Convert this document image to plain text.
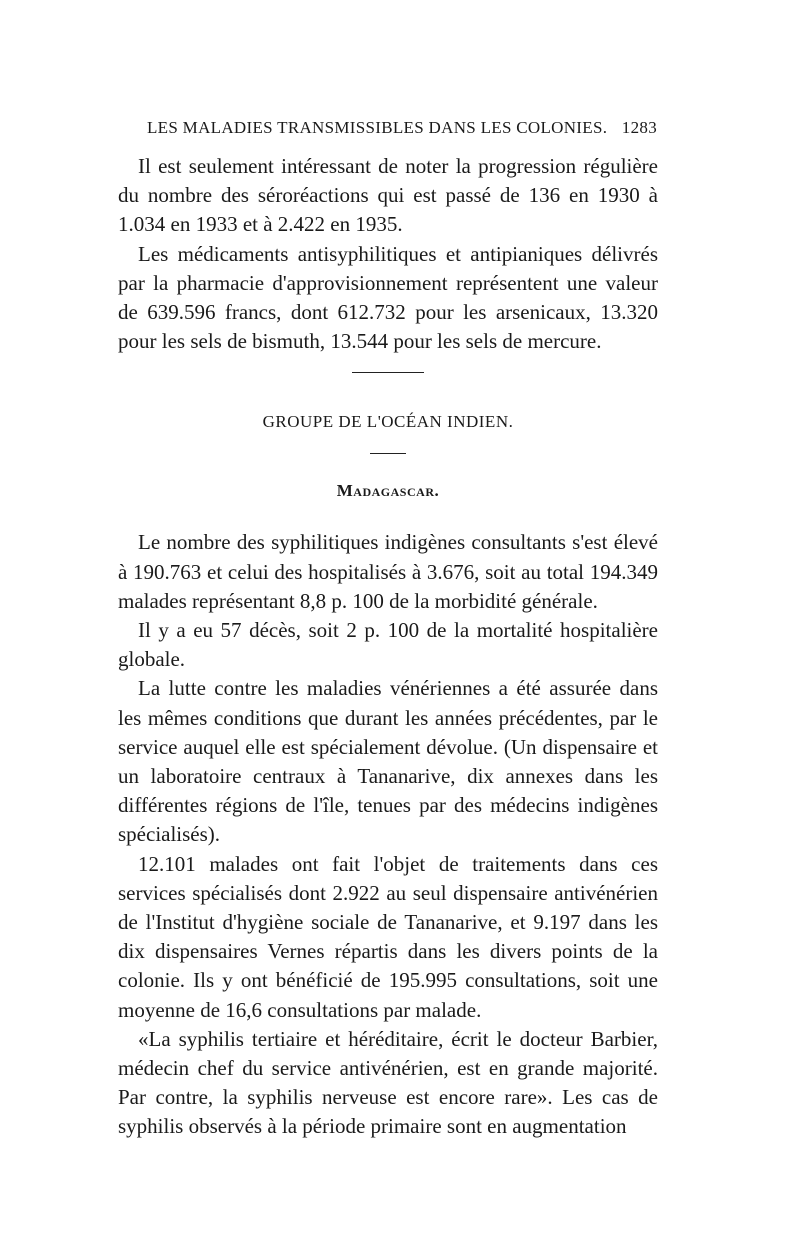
LES MALADIES TRANSMISSIBLES DANS LES COLONIES. 1283

Il est seulement intéressant de noter la progression régulière du nombre des séroréactions qui est passé de 136 en 1930 à 1.034 en 1933 et à 2.422 en 1935.

Les médicaments antisyphilitiques et antipianiques délivrés par la pharmacie d'approvisionnement représentent une valeur de 639.596 francs, dont 612.732 pour les arsenicaux, 13.320 pour les sels de bismuth, 13.544 pour les sels de mercure.

GROUPE DE L'OCÉAN INDIEN.
Madagascar.

Le nombre des syphilitiques indigènes consultants s'est élevé à 190.763 et celui des hospitalisés à 3.676, soit au total 194.349 malades représentant 8,8 p. 100 de la morbidité générale.

Il y a eu 57 décès, soit 2 p. 100 de la mortalité hospitalière globale.

La lutte contre les maladies vénériennes a été assurée dans les mêmes conditions que durant les années précédentes, par le service auquel elle est spécialement dévolue. (Un dispensaire et un laboratoire centraux à Tananarive, dix annexes dans les différentes régions de l'île, tenues par des médecins indigènes spécialisés).

12.101 malades ont fait l'objet de traitements dans ces services spécialisés dont 2.922 au seul dispensaire antivénérien de l'Institut d'hygiène sociale de Tananarive, et 9.197 dans les dix dispensaires Vernes répartis dans les divers points de la colonie. Ils y ont bénéficié de 195.995 consultations, soit une moyenne de 16,6 consultations par malade.

«La syphilis tertiaire et héréditaire, écrit le docteur Barbier, médecin chef du service antivénérien, est en grande majorité. Par contre, la syphilis nerveuse est encore rare». Les cas de syphilis observés à la période primaire sont en augmentation
